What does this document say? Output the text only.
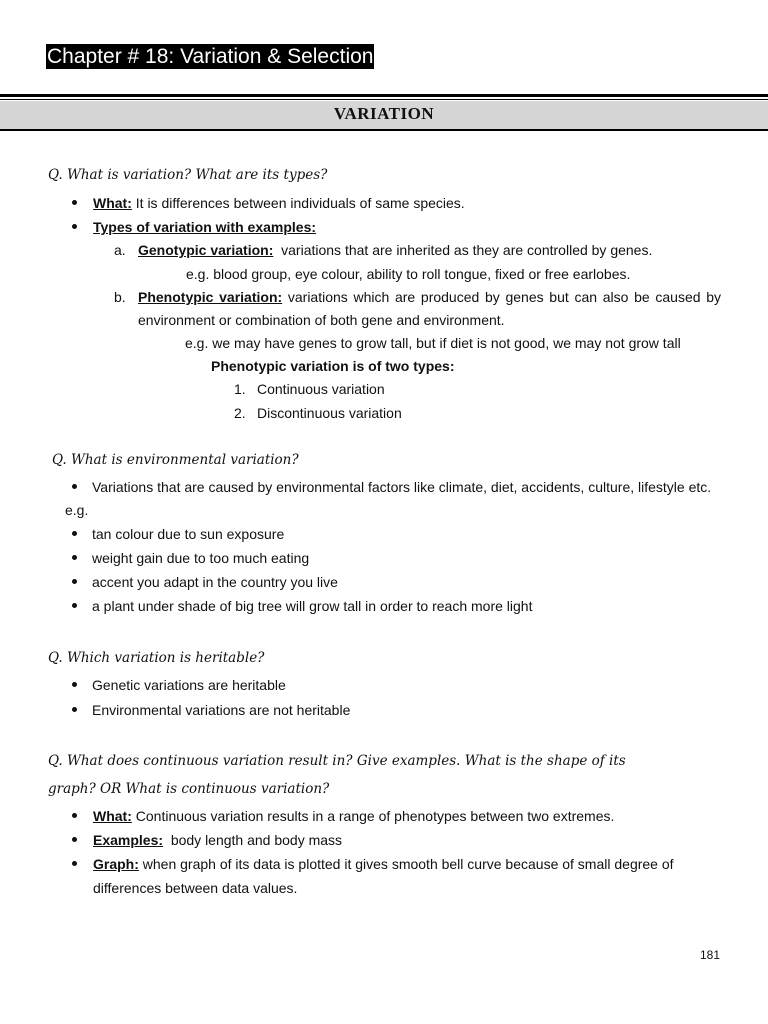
Chapter # 18: Variation & Selection
VARIATION
Q. What is variation? What are its types?
What: It is differences between individuals of same species.
Types of variation with examples:
a. Genotypic variation: variations that are inherited as they are controlled by genes.
e.g. blood group, eye colour, ability to roll tongue, fixed or free earlobes.
b. Phenotypic variation: variations which are produced by genes but can also be caused by
environment or combination of both gene and environment.
e.g. we may have genes to grow tall, but if diet is not good, we may not grow tall
Phenotypic variation is of two types:
1. Continuous variation
2. Discontinuous variation
Q. What is environmental variation?
Variations that are caused by environmental factors like climate, diet, accidents, culture, lifestyle etc.
e.g.
tan colour due to sun exposure
weight gain due to too much eating
accent you adapt in the country you live
a plant under shade of big tree will grow tall in order to reach more light
Q. Which variation is heritable?
Genetic variations are heritable
Environmental variations are not heritable
Q. What does continuous variation result in? Give examples. What is the shape of its
graph? OR What is continuous variation?
What: Continuous variation results in a range of phenotypes between two extremes.
Examples: body length and body mass
Graph: when graph of its data is plotted it gives smooth bell curve because of small degree of
differences between data values.
181
